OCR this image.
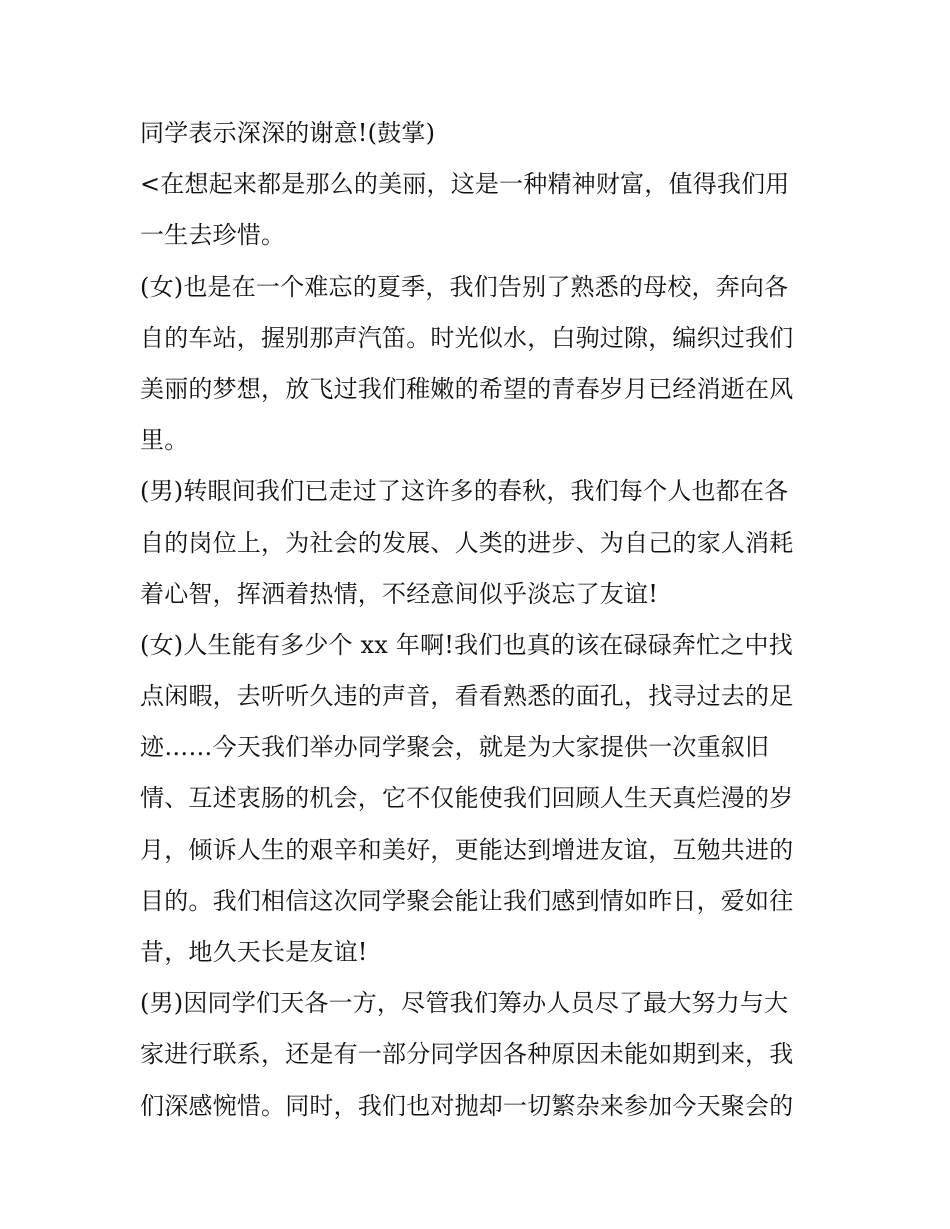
同学表示深深的谢意!(鼓掌)
<在想起来都是那么的美丽，这是一种精神财富，值得我们用
一生去珍惜。
(女)也是在一个难忘的夏季，我们告别了熟悉的母校，奔向各
自的车站，握别那声汽笛。时光似水，白驹过隙，编织过我们
美丽的梦想，放飞过我们稚嫩的希望的青春岁月已经消逝在风
里。
(男)转眼间我们已走过了这许多的春秋，我们每个人也都在各
自的岗位上，为社会的发展、人类的进步、为自己的家人消耗
着心智，挥洒着热情，不经意间似乎淡忘了友谊!
(女)人生能有多少个 xx 年啊!我们也真的该在碌碌奔忙之中找
点闲暇，去听听久违的声音，看看熟悉的面孔，找寻过去的足
迹……今天我们举办同学聚会，就是为大家提供一次重叙旧
情、互述衷肠的机会，它不仅能使我们回顾人生天真烂漫的岁
月，倾诉人生的艰辛和美好，更能达到增进友谊，互勉共进的
目的。我们相信这次同学聚会能让我们感到情如昨日，爱如往
昔，地久天长是友谊!
(男)因同学们天各一方，尽管我们筹办人员尽了最大努力与大
家进行联系，还是有一部分同学因各种原因未能如期到来，我
们深感惋惜。同时，我们也对抛却一切繁杂来参加今天聚会的
